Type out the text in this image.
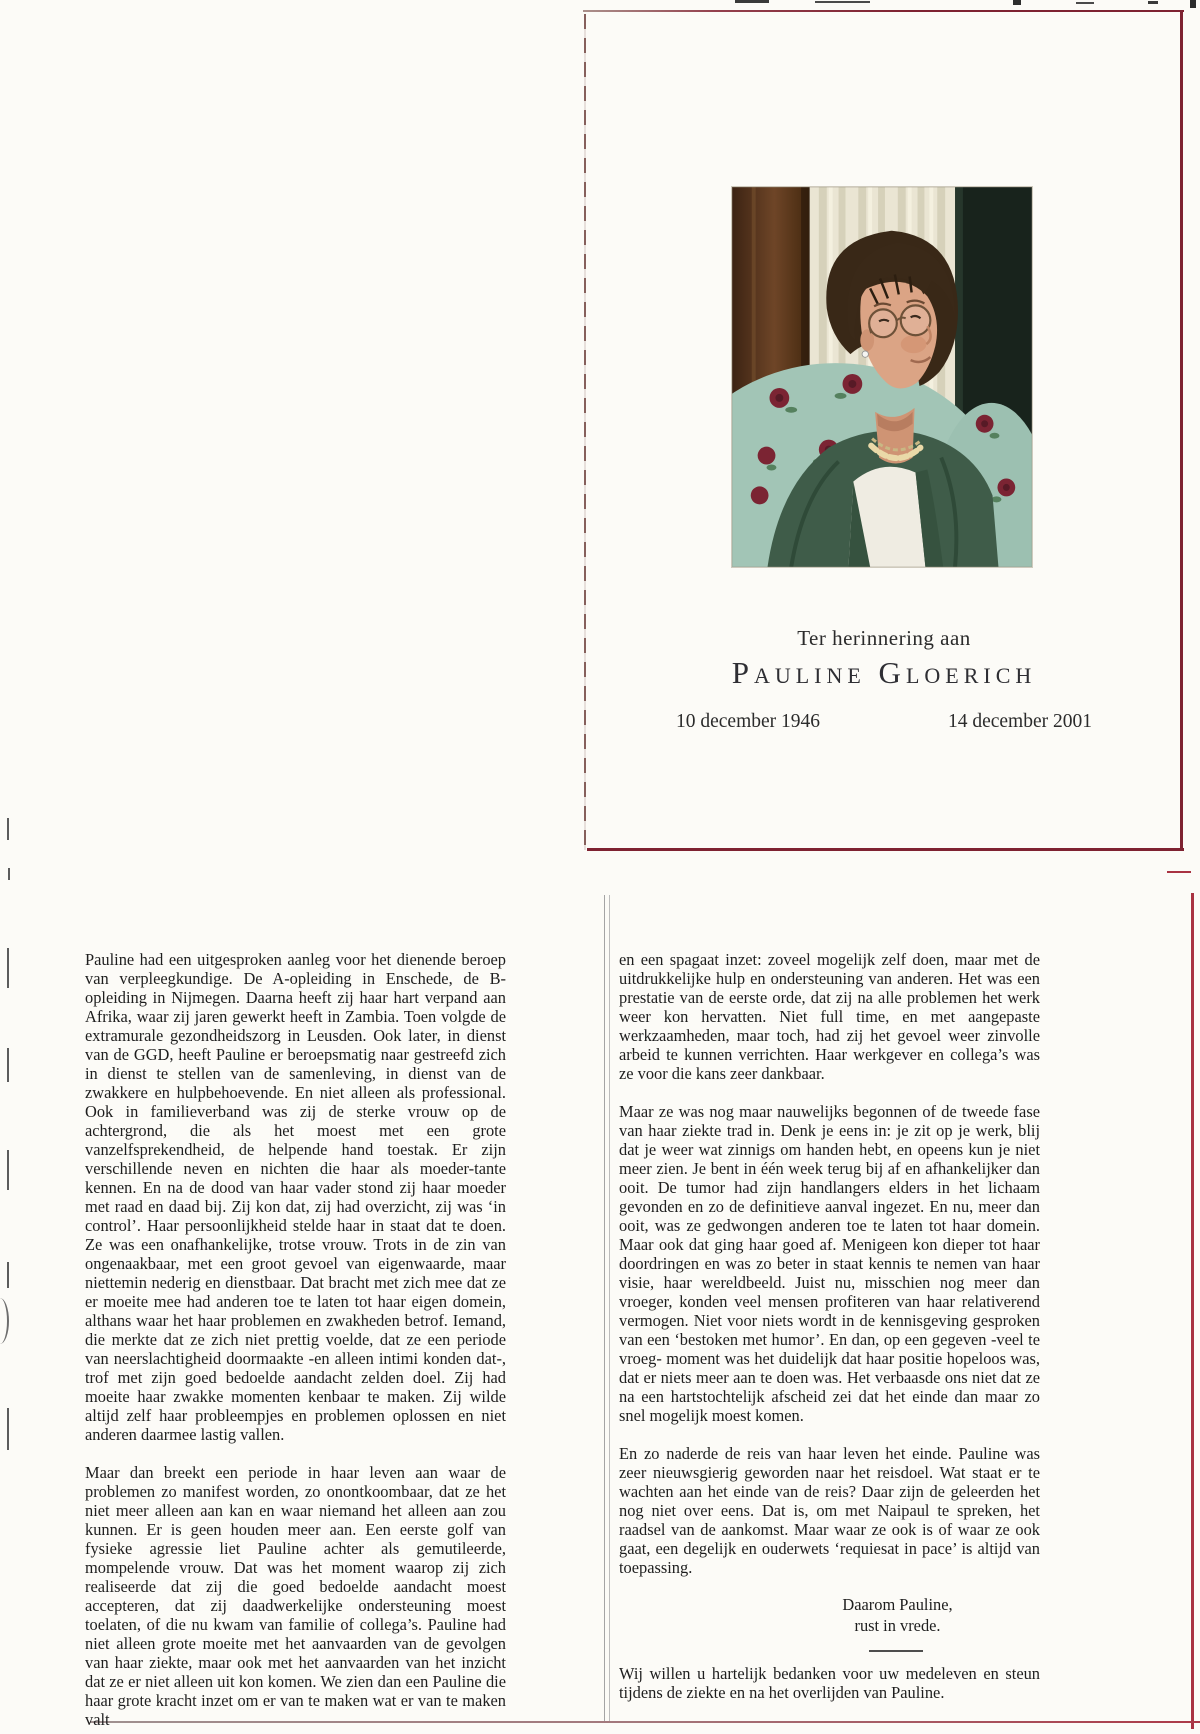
Ter herinnering aan
Pauline Gloerich
10 december 1946	14 december 2001

Pauline had een uitgesproken aanleg voor het dienende beroep van verpleegkundige. De A-opleiding in Enschede, de B-opleiding in Nijmegen. Daarna heeft zij haar hart verpand aan Afrika, waar zij jaren gewerkt heeft in Zambia. Toen volgde de extramurale gezondheidszorg in Leusden. Ook later, in dienst van de GGD, heeft Pauline er beroepsmatig naar gestreefd zich in dienst te stellen van de samenleving, in dienst van de zwakkere en hulpbehoevende. En niet alleen als professional. Ook in familieverband was zij de sterke vrouw op de achtergrond, die als het moest met een grote vanzelfsprekendheid, de helpende hand toestak. Er zijn verschillende neven en nichten die haar als moeder-tante kennen. En na de dood van haar vader stond zij haar moeder met raad en daad bij. Zij kon dat, zij had overzicht, zij was ‘in control’. Haar persoonlijkheid stelde haar in staat dat te doen. Ze was een onafhankelijke, trotse vrouw. Trots in de zin van ongenaakbaar, met een groot gevoel van eigenwaarde, maar niettemin nederig en dienstbaar. Dat bracht met zich mee dat ze er moeite mee had anderen toe te laten tot haar eigen domein, althans waar het haar problemen en zwakheden betrof. Iemand, die merkte dat ze zich niet prettig voelde, dat ze een periode van neerslachtigheid doormaakte -en alleen intimi konden dat-, trof met zijn goed bedoelde aandacht zelden doel. Zij had moeite haar zwakke momenten kenbaar te maken. Zij wilde altijd zelf haar probleempjes en problemen oplossen en niet anderen daarmee lastig vallen.

Maar dan breekt een periode in haar leven aan waar de problemen zo manifest worden, zo onontkoombaar, dat ze het niet meer alleen aan kan en waar niemand het alleen aan zou kunnen. Er is geen houden meer aan. Een eerste golf van fysieke agressie liet Pauline achter als gemutileerde, mompelende vrouw. Dat was het moment waarop zij zich realiseerde dat zij die goed bedoelde aandacht moest accepteren, dat zij daadwerkelijke ondersteuning moest toelaten, of die nu kwam van familie of collega’s. Pauline had niet alleen grote moeite met het aanvaarden van de gevolgen van haar ziekte, maar ook met het aanvaarden van het inzicht dat ze er niet alleen uit kon komen. We zien dan een Pauline die haar grote kracht inzet om er van te maken wat er van te maken valt

en een spagaat inzet: zoveel mogelijk zelf doen, maar met de uitdrukkelijke hulp en ondersteuning van anderen. Het was een prestatie van de eerste orde, dat zij na alle problemen het werk weer kon hervatten. Niet full time, en met aangepaste werkzaamheden, maar toch, had zij het gevoel weer zinvolle arbeid te kunnen verrichten. Haar werkgever en collega’s was ze voor die kans zeer dankbaar.

Maar ze was nog maar nauwelijks begonnen of de tweede fase van haar ziekte trad in. Denk je eens in: je zit op je werk, blij dat je weer wat zinnigs om handen hebt, en opeens kun je niet meer zien. Je bent in één week terug bij af en afhankelijker dan ooit. De tumor had zijn handlangers elders in het lichaam gevonden en zo de definitieve aanval ingezet. En nu, meer dan ooit, was ze gedwongen anderen toe te laten tot haar domein. Maar ook dat ging haar goed af. Menigeen kon dieper tot haar doordringen en was zo beter in staat kennis te nemen van haar visie, haar wereldbeeld. Juist nu, misschien nog meer dan vroeger, konden veel mensen profiteren van haar relativerend vermogen. Niet voor niets wordt in de kennisgeving gesproken van een ‘bestoken met humor’. En dan, op een gegeven -veel te vroeg- moment was het duidelijk dat haar positie hopeloos was, dat er niets meer aan te doen was. Het verbaasde ons niet dat ze na een hartstochtelijk afscheid zei dat het einde dan maar zo snel mogelijk moest komen.

En zo naderde de reis van haar leven het einde. Pauline was zeer nieuwsgierig geworden naar het reisdoel. Wat staat er te wachten aan het einde van de reis? Daar zijn de geleerden het nog niet over eens. Dat is, om met Naipaul te spreken, het raadsel van de aankomst. Maar waar ze ook is of waar ze ook gaat, een degelijk en ouderwets ‘requiesat in pace’ is altijd van toepassing.

Daarom Pauline,
rust in vrede.

Wij willen u hartelijk bedanken voor uw medeleven en steun tijdens de ziekte en na het overlijden van Pauline.
